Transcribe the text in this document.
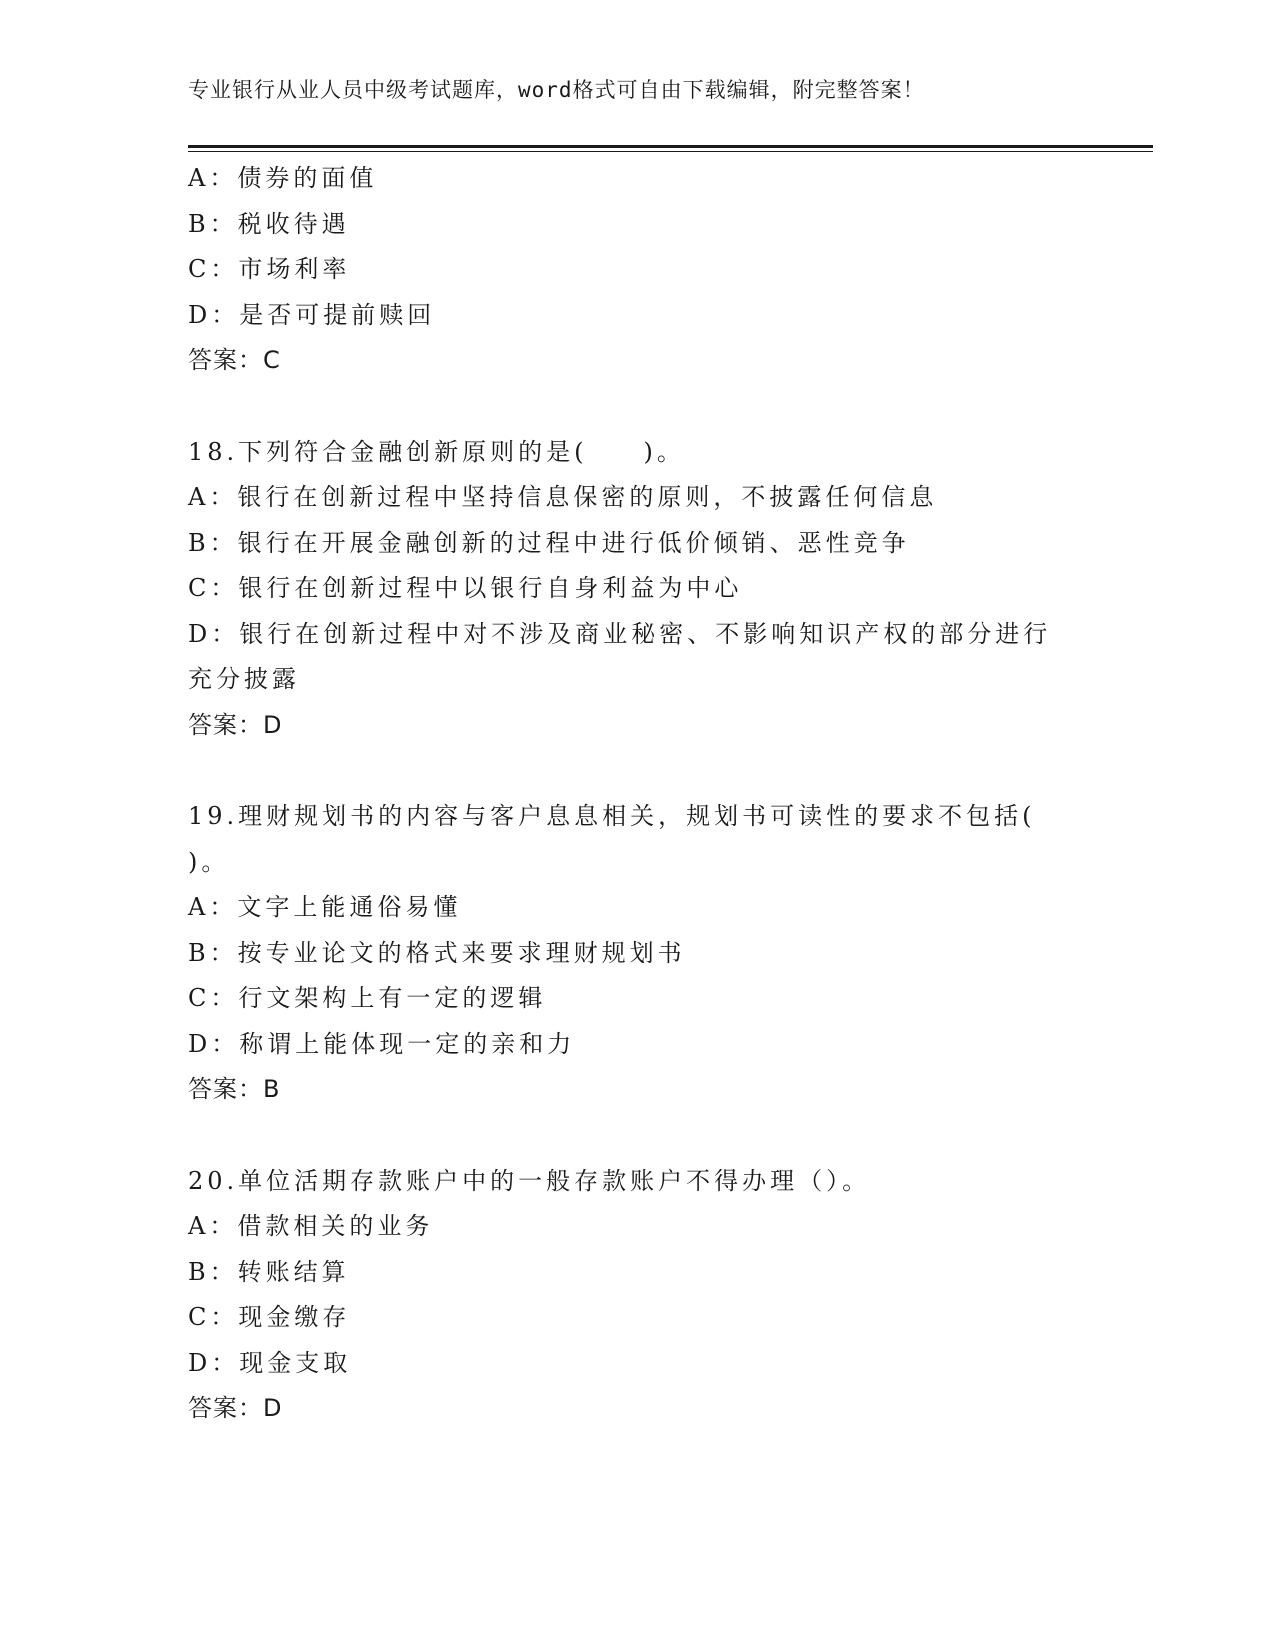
专业银行从业人员中级考试题库，word格式可自由下载编辑，附完整答案！
A：债券的面值
B：税收待遇
C：市场利率
D：是否可提前赎回
答案：C
18.下列符合金融创新原则的是(　　)。
A：银行在创新过程中坚持信息保密的原则，不披露任何信息
B：银行在开展金融创新的过程中进行低价倾销、恶性竞争
C：银行在创新过程中以银行自身利益为中心
D：银行在创新过程中对不涉及商业秘密、不影响知识产权的部分进行
充分披露
答案：D
19.理财规划书的内容与客户息息相关，规划书可读性的要求不包括(
)。
A：文字上能通俗易懂
B：按专业论文的格式来要求理财规划书
C：行文架构上有一定的逻辑
D：称谓上能体现一定的亲和力
答案：B
20.单位活期存款账户中的一般存款账户不得办理（）。
A：借款相关的业务
B：转账结算
C：现金缴存
D：现金支取
答案：D
